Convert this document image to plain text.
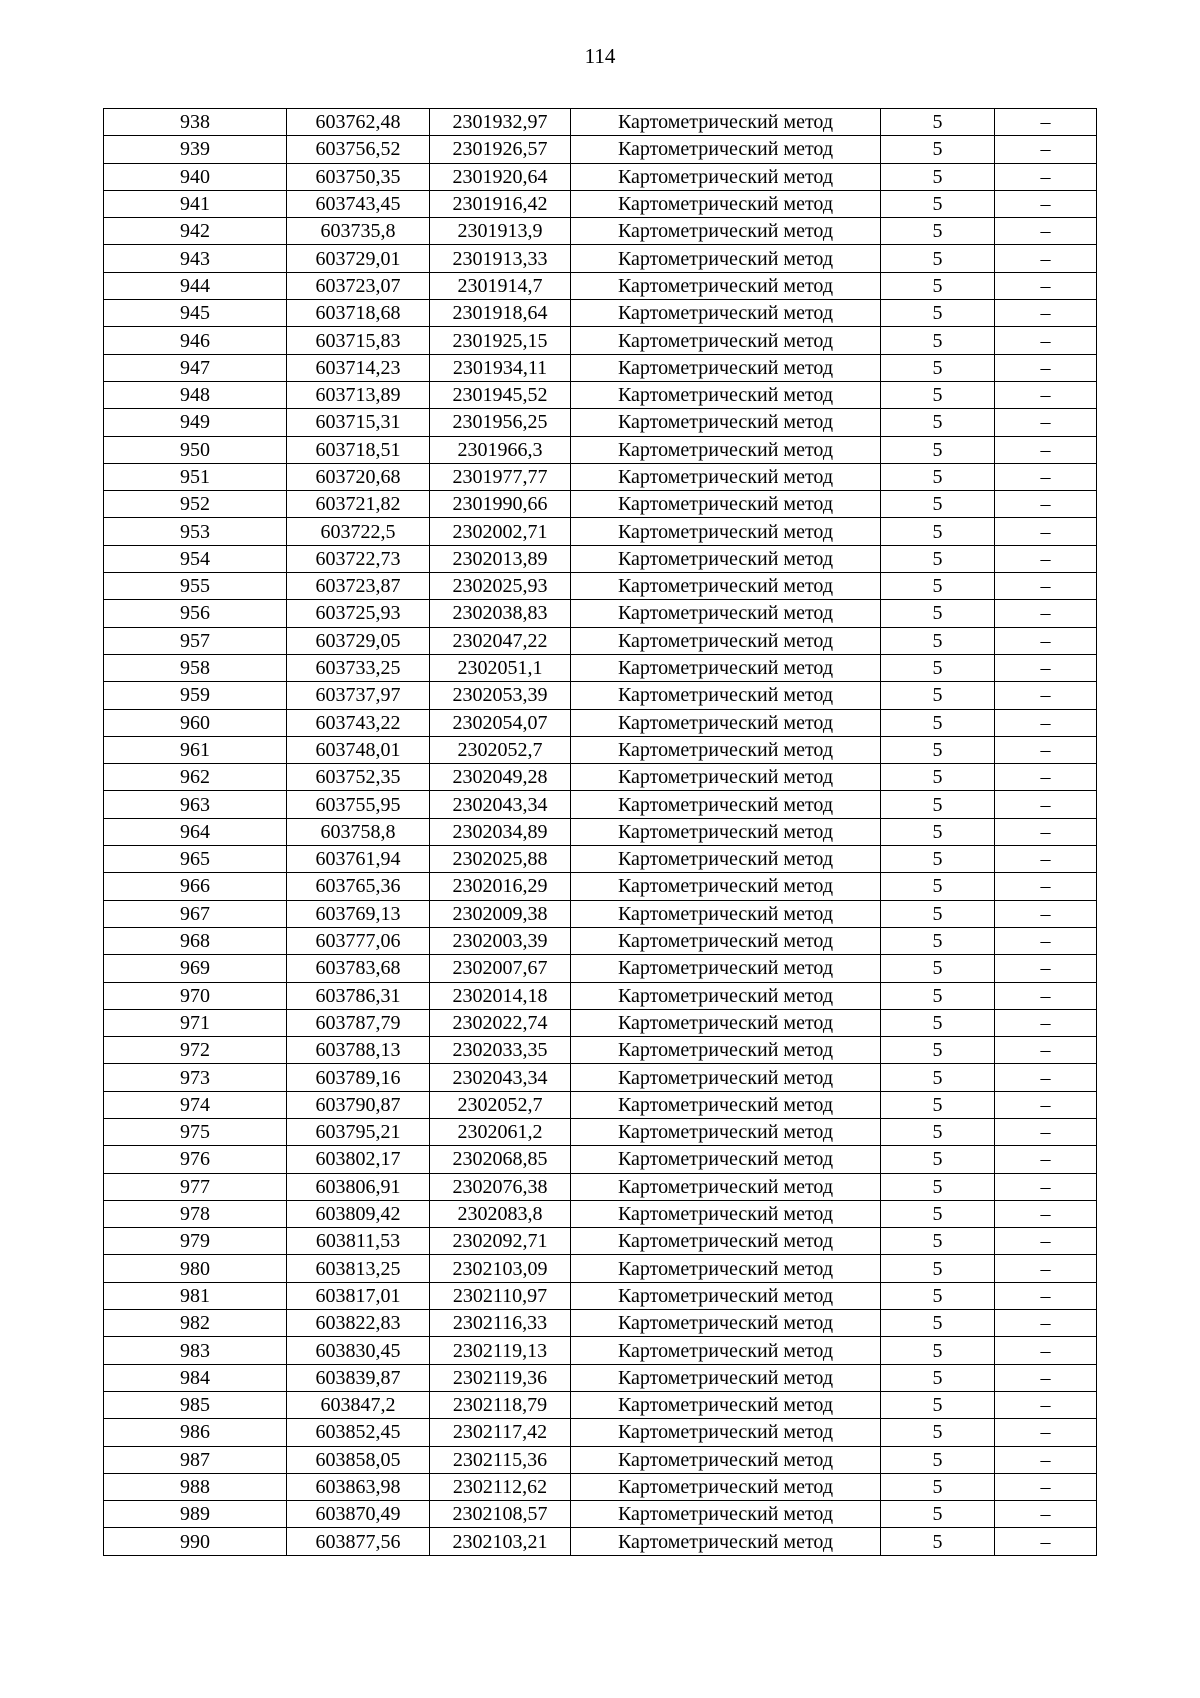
114
938	603762,48	2301932,97	Картометрический метод	5	–
939	603756,52	2301926,57	Картометрический метод	5	–
940	603750,35	2301920,64	Картометрический метод	5	–
941	603743,45	2301916,42	Картометрический метод	5	–
942	603735,8	2301913,9	Картометрический метод	5	–
943	603729,01	2301913,33	Картометрический метод	5	–
944	603723,07	2301914,7	Картометрический метод	5	–
945	603718,68	2301918,64	Картометрический метод	5	–
946	603715,83	2301925,15	Картометрический метод	5	–
947	603714,23	2301934,11	Картометрический метод	5	–
948	603713,89	2301945,52	Картометрический метод	5	–
949	603715,31	2301956,25	Картометрический метод	5	–
950	603718,51	2301966,3	Картометрический метод	5	–
951	603720,68	2301977,77	Картометрический метод	5	–
952	603721,82	2301990,66	Картометрический метод	5	–
953	603722,5	2302002,71	Картометрический метод	5	–
954	603722,73	2302013,89	Картометрический метод	5	–
955	603723,87	2302025,93	Картометрический метод	5	–
956	603725,93	2302038,83	Картометрический метод	5	–
957	603729,05	2302047,22	Картометрический метод	5	–
958	603733,25	2302051,1	Картометрический метод	5	–
959	603737,97	2302053,39	Картометрический метод	5	–
960	603743,22	2302054,07	Картометрический метод	5	–
961	603748,01	2302052,7	Картометрический метод	5	–
962	603752,35	2302049,28	Картометрический метод	5	–
963	603755,95	2302043,34	Картометрический метод	5	–
964	603758,8	2302034,89	Картометрический метод	5	–
965	603761,94	2302025,88	Картометрический метод	5	–
966	603765,36	2302016,29	Картометрический метод	5	–
967	603769,13	2302009,38	Картометрический метод	5	–
968	603777,06	2302003,39	Картометрический метод	5	–
969	603783,68	2302007,67	Картометрический метод	5	–
970	603786,31	2302014,18	Картометрический метод	5	–
971	603787,79	2302022,74	Картометрический метод	5	–
972	603788,13	2302033,35	Картометрический метод	5	–
973	603789,16	2302043,34	Картометрический метод	5	–
974	603790,87	2302052,7	Картометрический метод	5	–
975	603795,21	2302061,2	Картометрический метод	5	–
976	603802,17	2302068,85	Картометрический метод	5	–
977	603806,91	2302076,38	Картометрический метод	5	–
978	603809,42	2302083,8	Картометрический метод	5	–
979	603811,53	2302092,71	Картометрический метод	5	–
980	603813,25	2302103,09	Картометрический метод	5	–
981	603817,01	2302110,97	Картометрический метод	5	–
982	603822,83	2302116,33	Картометрический метод	5	–
983	603830,45	2302119,13	Картометрический метод	5	–
984	603839,87	2302119,36	Картометрический метод	5	–
985	603847,2	2302118,79	Картометрический метод	5	–
986	603852,45	2302117,42	Картометрический метод	5	–
987	603858,05	2302115,36	Картометрический метод	5	–
988	603863,98	2302112,62	Картометрический метод	5	–
989	603870,49	2302108,57	Картометрический метод	5	–
990	603877,56	2302103,21	Картометрический метод	5	–
